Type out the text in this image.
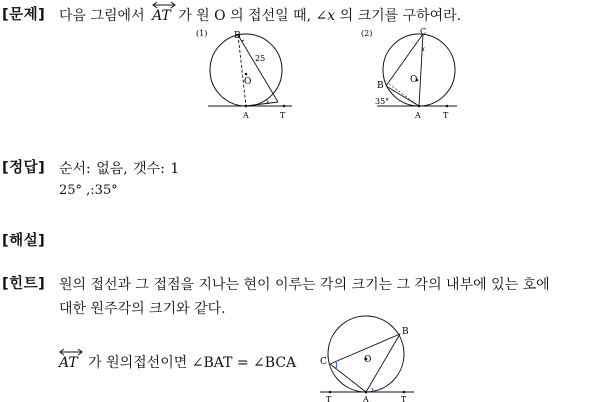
[문제] 다음 그림에서 AT 가 원 O 의 접선일 때, ∠x 의 크기를 구하여라.
(1)	B
O
A	T
25
x
(2)	C
B
O
A	T
35°
x
[정답] 순서: 없음, 갯수: 1
25° ,:35°
[해설]
[힌트] 원의 접선과 그 접점을 지나는 현이 이루는 각의 크기는 그 각의 내부에 있는 호에
대한 원주각의 크기와 같다.
AT 가 원의접선이면 ∠BAT = ∠BCA
B
C	O
T	A	T
